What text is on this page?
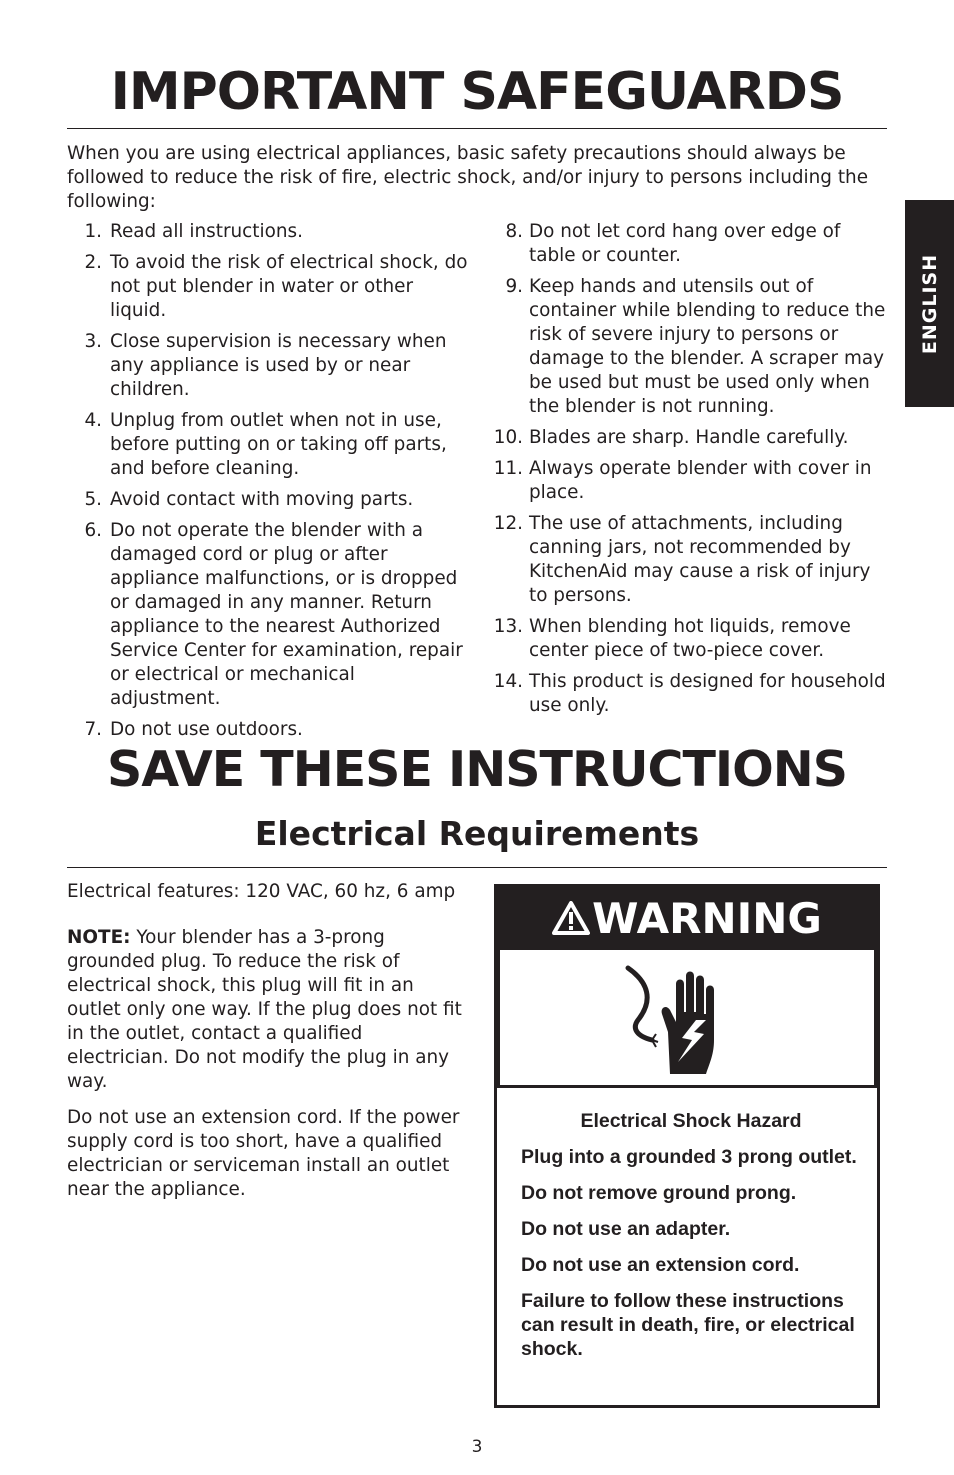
IMPORTANT SAFEGUARDS

When you are using electrical appliances, basic safety precautions should always be followed to reduce the risk of fire, electric shock, and/or injury to persons including the following:

ENGLISH
1. Read all instructions.
2. To avoid the risk of electrical shock, do not put blender in water or other liquid.
3. Close supervision is necessary when any appliance is used by or near children.
4. Unplug from outlet when not in use, before putting on or taking off parts, and before cleaning.
5. Avoid contact with moving parts.
6. Do not operate the blender with a damaged cord or plug or after appliance malfunctions, or is dropped or damaged in any manner. Return appliance to the nearest Authorized Service Center for examination, repair or electrical or mechanical adjustment.
7. Do not use outdoors.
8. Do not let cord hang over edge of table or counter.
9. Keep hands and utensils out of container while blending to reduce the risk of severe injury to persons or damage to the blender. A scraper may be used but must be used only when the blender is not running.
10. Blades are sharp. Handle carefully.
11. Always operate blender with cover in place.
12. The use of attachments, including canning jars, not recommended by KitchenAid may cause a risk of injury to persons.
13. When blending hot liquids, remove center piece of two-piece cover.
14. This product is designed for household use only.
SAVE THESE INSTRUCTIONS
Electrical Requirements

Electrical features: 120 VAC, 60 hz, 6 amp

NOTE: Your blender has a 3-prong grounded plug. To reduce the risk of electrical shock, this plug will fit in an outlet only one way. If the plug does not fit in the outlet, contact a qualified electrician. Do not modify the plug in any way.

Do not use an extension cord. If the power supply cord is too short, have a qualified electrician or serviceman install an outlet near the appliance.

WARNING

Electrical Shock Hazard

Plug into a grounded 3 prong outlet.

Do not remove ground prong.

Do not use an adapter.

Do not use an extension cord.

Failure to follow these instructions can result in death, fire, or electrical shock.

3
